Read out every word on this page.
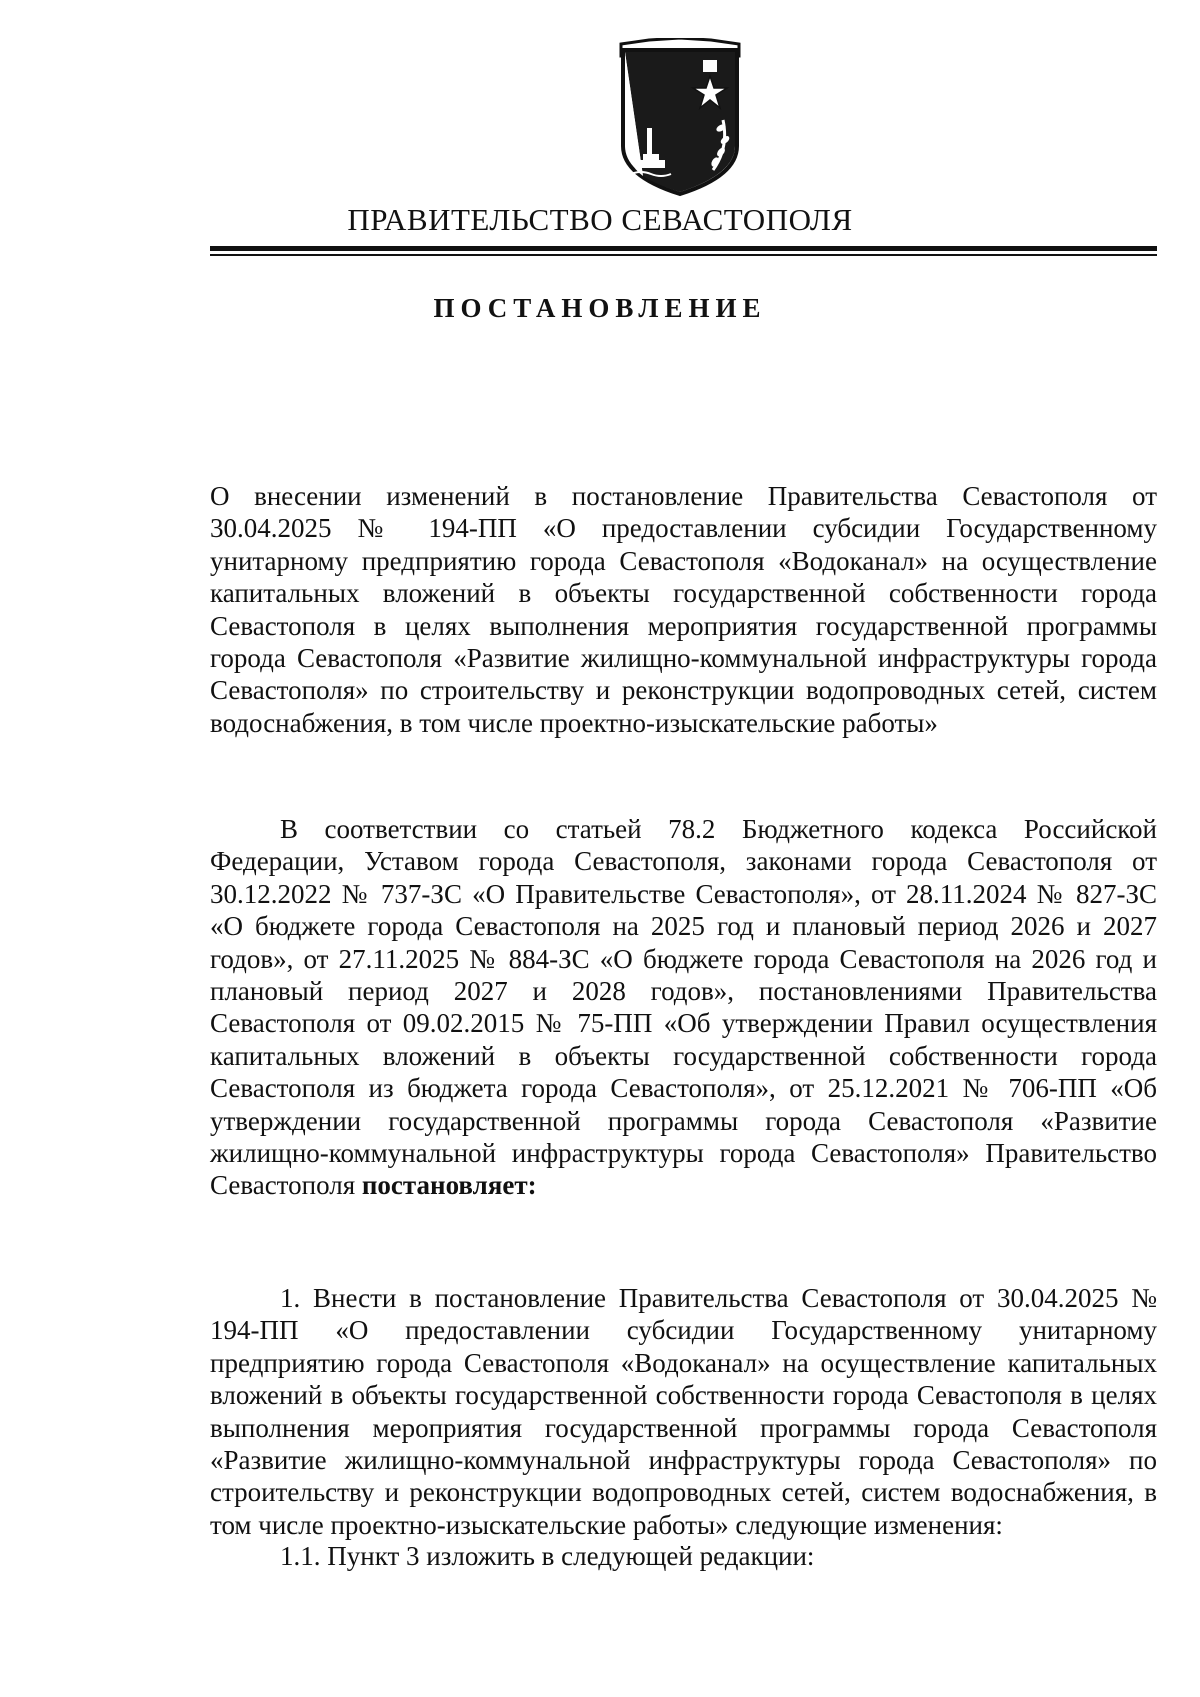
ПРАВИТЕЛЬСТВО СЕВАСТОПОЛЯ
ПОСТАНОВЛЕНИЕ

О внесении изменений в постановление Правительства Севастополя от 30.04.2025 № 194-ПП «О предоставлении субсидии Государственному унитарному предприятию города Севастополя «Водоканал» на осуществление капитальных вложений в объекты государственной собственности города Севастополя в целях выполнения мероприятия государственной программы города Севастополя «Развитие жилищно-коммунальной инфраструктуры города Севастополя» по строительству и реконструкции водопроводных сетей, систем водоснабжения, в том числе проектно-изыскательские работы»

В соответствии со статьей 78.2 Бюджетного кодекса Российской Федерации, Уставом города Севастополя, законами города Севастополя от 30.12.2022 № 737-ЗС «О Правительстве Севастополя», от 28.11.2024 № 827-ЗС «О бюджете города Севастополя на 2025 год и плановый период 2026 и 2027 годов», от 27.11.2025 № 884-ЗС «О бюджете города Севастополя на 2026 год и плановый период 2027 и 2028 годов», постановлениями Правительства Севастополя от 09.02.2015 № 75-ПП «Об утверждении Правил осуществления капитальных вложений в объекты государственной собственности города Севастополя из бюджета города Севастополя», от 25.12.2021 № 706-ПП «Об утверждении государственной программы города Севастополя «Развитие жилищно-коммунальной инфраструктуры города Севастополя» Правительство Севастополя постановляет:

1. Внести в постановление Правительства Севастополя от 30.04.2025 № 194-ПП «О предоставлении субсидии Государственному унитарному предприятию города Севастополя «Водоканал» на осуществление капитальных вложений в объекты государственной собственности города Севастополя в целях выполнения мероприятия государственной программы города Севастополя «Развитие жилищно-коммунальной инфраструктуры города Севастополя» по строительству и реконструкции водопроводных сетей, систем водоснабжения, в том числе проектно-изыскательские работы» следующие изменения:

1.1. Пункт 3 изложить в следующей редакции:
